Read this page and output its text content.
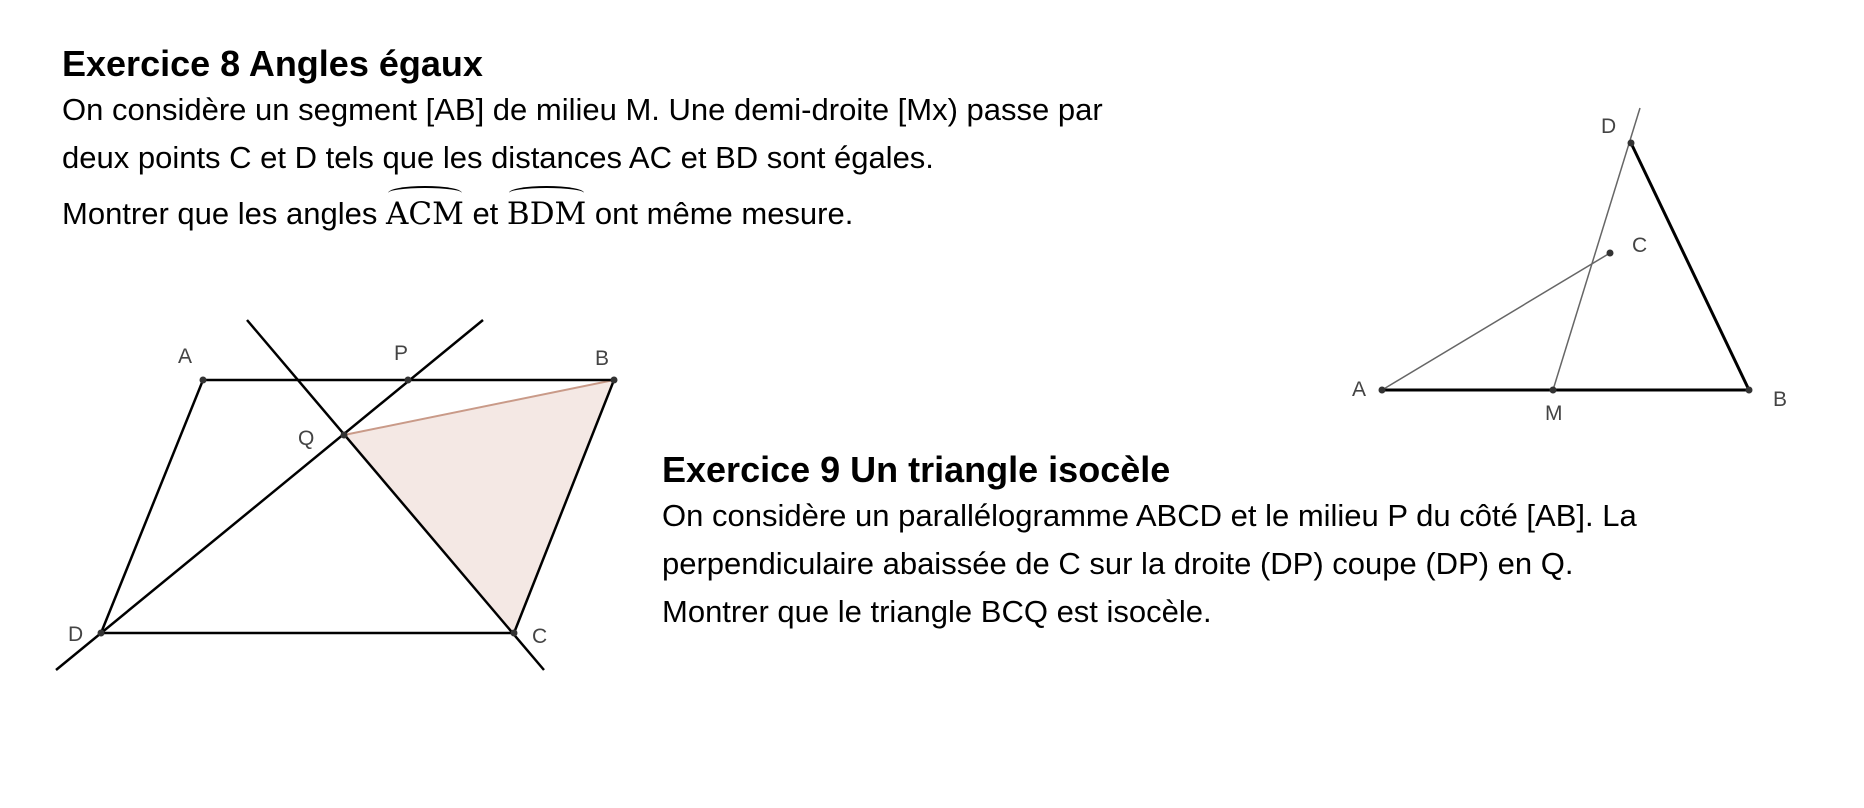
Exercice 8 Angles égaux

On considère un segment [AB] de milieu M. Une demi-droite [Mx) passe par

deux points C et D tels que les distances AC et BD sont égales.

Montrer que les angles ACM et BDM ont même mesure.

A
M
B
C
D
A	P	B
Q
D	C
Exercice 9 Un triangle isocèle

On considère un parallélogramme ABCD et le milieu P du côté [AB]. La

perpendiculaire abaissée de C sur la droite (DP) coupe (DP) en Q.

Montrer que le triangle BCQ est isocèle.
